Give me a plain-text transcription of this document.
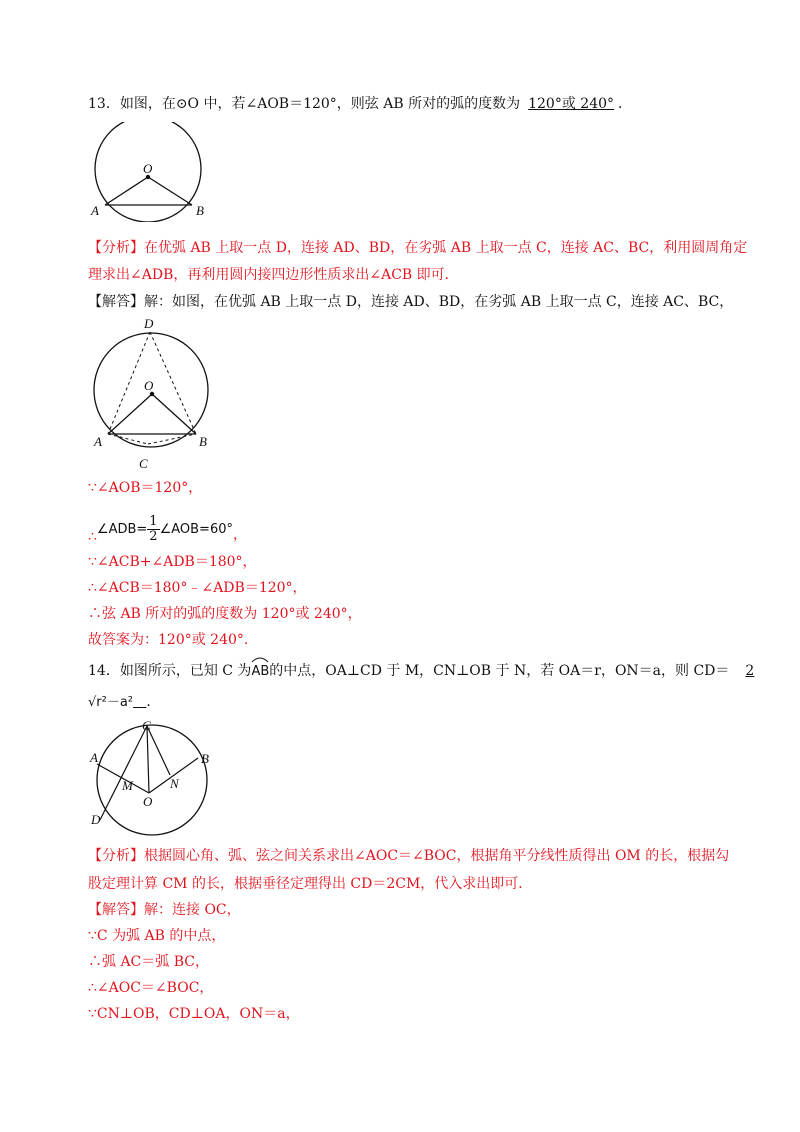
13．如图，在⊙O 中，若∠AOB＝120°，则弦 AB 所对的弧的度数为 120°或 240° ．
O
A	B
【分析】在优弧 AB 上取一点 D，连接 AD、BD，在劣弧 AB 上取一点 C，连接 AC、BC，利用圆周角定
理求出∠ADB，再利用圆内接四边形性质求出∠ACB 即可．
【解答】解：如图，在优弧 AB 上取一点 D，连接 AD、BD，在劣弧 AB 上取一点 C，连接 AC、BC，
D
O
A	B
C
∵∠AOB＝120°，
∴∠ADB= $\frac{1}{2}$ ∠AOB=60°，
∵∠ACB+∠ADB＝180°，
∴∠ACB＝180°﹣∠ADB＝120°，
∴弦 AB 所对的弧的度数为 120°或 240°，
故答案为：120°或 240°.
14．如图所示，已知 C 为AB
的中点，OA⊥CD 于 M，CN⊥OB 于 N，若 OA＝r，ON＝a，则 CD＝ 2
√r²－a² ．
C
A	B
M	N
O
D
【分析】根据圆心角、弧、弦之间关系求出∠AOC＝∠BOC，根据角平分线性质得出 OM 的长，根据勾
股定理计算 CM 的长，根据垂径定理得出 CD＝2CM，代入求出即可．
【解答】解：连接 OC，
∵C 为弧 AB 的中点，
∴弧 AC＝弧 BC，
∴∠AOC＝∠BOC，
∵CN⊥OB，CD⊥OA，ON＝a，
